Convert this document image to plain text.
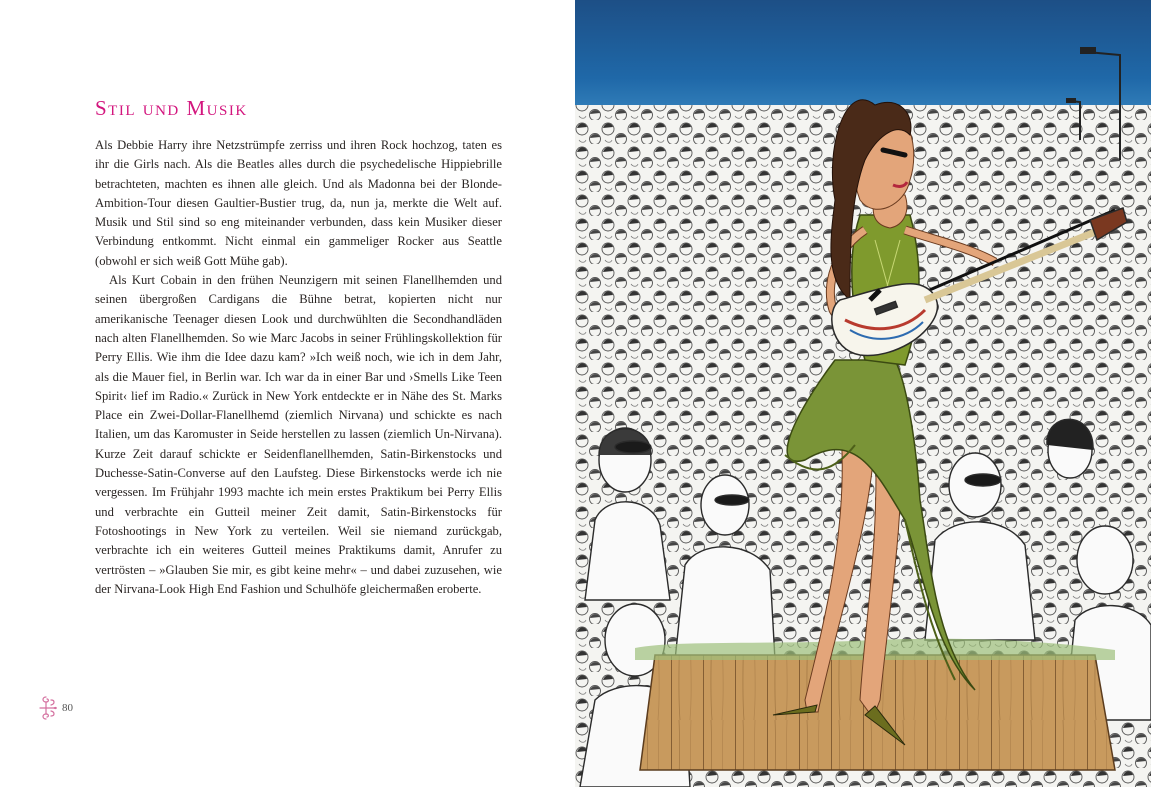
Stil und Musik

Als Debbie Harry ihre Netzstrümpfe zerriss und ihren Rock hochzog, taten es ihr die Girls nach. Als die Beatles alles durch die psychedelische Hippiebrille betrachteten, machten es ihnen alle gleich. Und als Madonna bei der Blonde-Ambition-Tour diesen Gaultier-Bustier trug, da, nun ja, merkte die Welt auf. Musik und Stil sind so eng miteinander verbunden, dass kein Musiker dieser Verbindung entkommt. Nicht einmal ein gammeliger Rocker aus Seattle (obwohl er sich weiß Gott Mühe gab).

Als Kurt Cobain in den frühen Neunzigern mit seinen Flanellhemden und seinen übergroßen Cardigans die Bühne betrat, kopierten nicht nur amerikanische Teenager diesen Look und durchwühlten die Secondhandläden nach alten Flanellhemden. So wie Marc Jacobs in seiner Frühlingskollektion für Perry Ellis. Wie ihm die Idee dazu kam? »Ich weiß noch, wie ich in dem Jahr, als die Mauer fiel, in Berlin war. Ich war da in einer Bar und ›Smells Like Teen Spirit‹ lief im Radio.« Zurück in New York entdeckte er in Nähe des St. Marks Place ein Zwei-Dollar-Flanellhemd (ziemlich Nirvana) und schickte es nach Italien, um das Karomuster in Seide herstellen zu lassen (ziemlich Un-Nirvana). Kurze Zeit darauf schickte er Seidenflanellhemden, Satin-Birkenstocks und Duchesse-Satin-Converse auf den Laufsteg. Diese Birkenstocks werde ich nie vergessen. Im Frühjahr 1993 machte ich mein erstes Praktikum bei Perry Ellis und verbrachte ein Gutteil meiner Zeit damit, Satin-Birkenstocks für Fotoshootings in New York zu verteilen. Weil sie niemand zurückgab, verbrachte ich ein weiteres Gutteil meines Praktikums damit, Anrufer zu vertrösten – »Glauben Sie mir, es gibt keine mehr« – und dabei zuzusehen, wie der Nirvana-Look High End Fashion und Schulhöfe gleichermaßen eroberte.

80
